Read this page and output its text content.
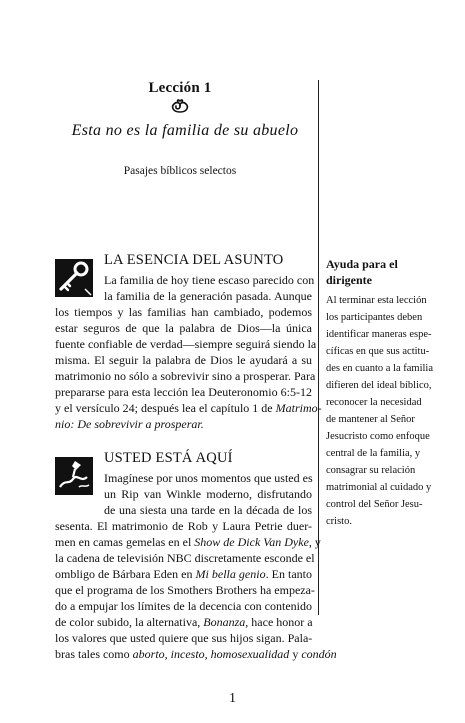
Lección 1
Esta no es la familia de su abuelo
Pasajes bíblicos selectos
LA ESENCIA DEL ASUNTO
La familia de hoy tiene escaso parecido con
la familia de la generación pasada. Aunque
los tiempos y las familias han cambiado, podemos
estar seguros de que la palabra de Dios—la única
fuente confiable de verdad—siempre seguirá siendo la
misma. El seguir la palabra de Dios le ayudará a su
matrimonio no sólo a sobrevivir sino a prosperar. Para
prepararse para esta lección lea Deuteronomio 6:5-12
y el versículo 24; después lea el capítulo 1 de Matrimo-
nio: De sobrevivir a prosperar.
USTED ESTÁ AQUÍ
Imagínese por unos momentos que usted es
un Rip van Winkle moderno, disfrutando
de una siesta una tarde en la década de los
sesenta. El matrimonio de Rob y Laura Petrie duer-
men en camas gemelas en el Show de Dick Van Dyke, y
la cadena de televisión NBC discretamente esconde el
ombligo de Bárbara Eden en Mi bella genio. En tanto
que el programa de los Smothers Brothers ha empeza-
do a empujar los límites de la decencia con contenido
de color subido, la alternativa, Bonanza, hace honor a
los valores que usted quiere que sus hijos sigan. Pala-
bras tales como aborto, incesto, homosexualidad y condón
Ayuda para el
dirigente
Al terminar esta lección
los participantes deben
identificar maneras espe-
cíficas en que sus actitu-
des en cuanto a la familia
difieren del ideal bíblico,
reconocer la necesidad
de mantener al Señor
Jesucristo como enfoque
central de la familia, y
consagrar su relación
matrimonial al cuidado y
control del Señor Jesu-
cristo.
1
